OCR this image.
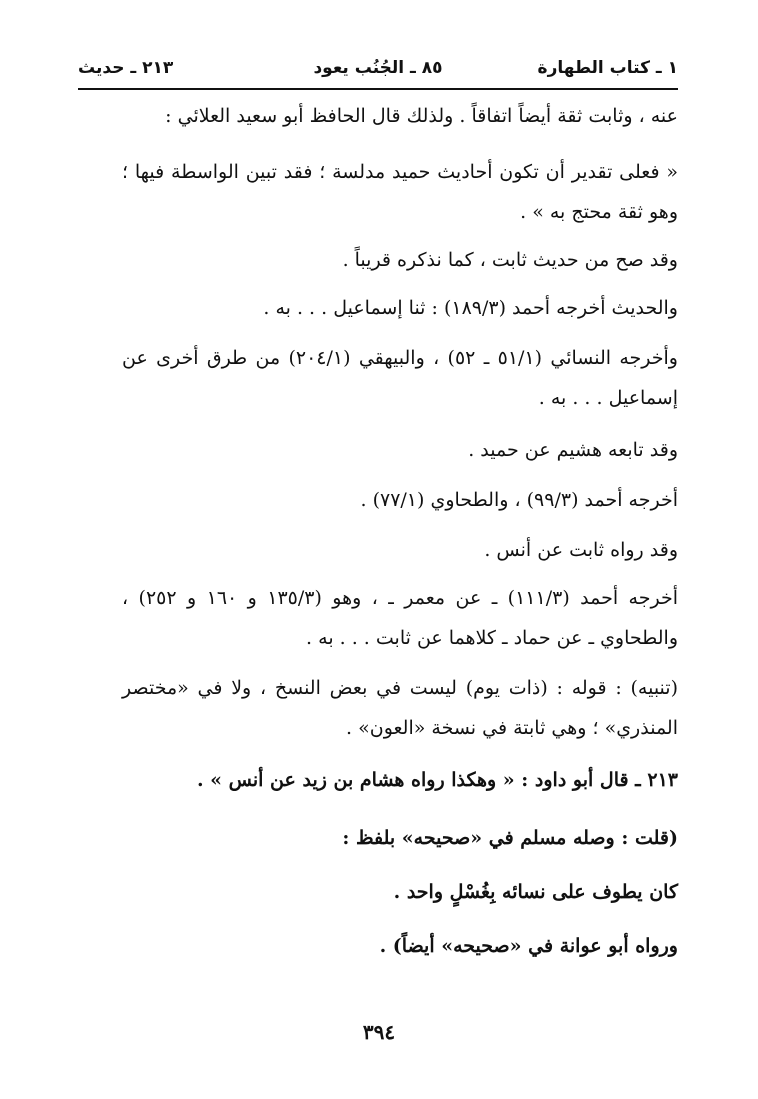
١ ـ كتاب الطهارة
٨٥ ـ الجُنُب يعود
٢١٣ ـ حديث

عنه ، وثابت ثقة أيضاً اتفاقاً . ولذلك قال الحافظ أبو سعيد العلائي :

« فعلى تقدير أن تكون أحاديث حميد مدلسة ؛ فقد تبين الواسطة فيها ؛ وهو ثقة محتج به » .

وقد صح من حديث ثابت ، كما نذكره قريباً .

والحديث أخرجه أحمد (١٨٩/٣) : ثنا إسماعيل . . . به .

وأخرجه النسائي (٥١/١ ـ ٥٢) ، والبيهقي (٢٠٤/١) من طرق أخرى عن إسماعيل . . . به .

وقد تابعه هشيم عن حميد .

أخرجه أحمد (٩٩/٣) ، والطحاوي (٧٧/١) .

وقد رواه ثابت عن أنس .

أخرجه أحمد (١١١/٣) ـ عن معمر ـ ، وهو (١٣٥/٣ و ١٦٠ و ٢٥٢) ، والطحاوي ـ عن حماد ـ كلاهما عن ثابت . . . به .

(تنبيه) : قوله : (ذات يوم) ليست في بعض النسخ ، ولا في «مختصر المنذري» ؛ وهي ثابتة في نسخة «العون» .

٢١٣ ـ قال أبو داود : « وهكذا رواه هشام بن زيد عن أنس » .

(قلت : وصله مسلم في «صحيحه» بلفظ :

كان يطوف على نسائه بِغُسْلٍ واحد .

ورواه أبو عوانة في «صحيحه» أيضاً) .

٣٩٤
